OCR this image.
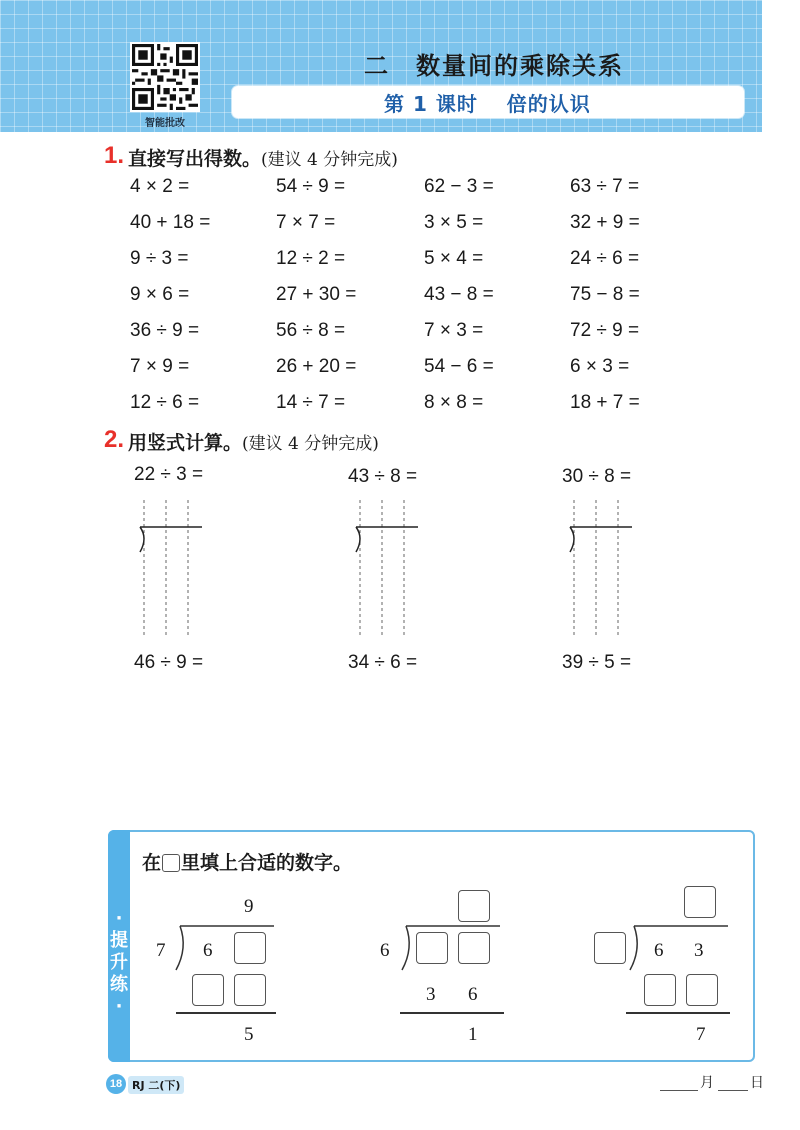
智能批改
二　数量间的乘除关系
第 1 课时　 倍的认识
1. 直接写出得数。(建议 4 分钟完成)
4 × 2 =	54 ÷ 9 =	62 − 3 =	63 ÷ 7 =
40 + 18 =	7 × 7 =	3 × 5 =	32 + 9 =
9 ÷ 3 =	12 ÷ 2 =	5 × 4 =	24 ÷ 6 =
9 × 6 =	27 + 30 =	43 − 8 =	75 − 8 =
36 ÷ 9 =	56 ÷ 8 =	7 × 3 =	72 ÷ 9 =
7 × 9 =	26 + 20 =	54 − 6 =	6 × 3 =
12 ÷ 6 =	14 ÷ 7 =	8 × 8 =	18 + 7 =
2. 用竖式计算。(建议 4 分钟完成)
22 ÷ 3 =	43 ÷ 8 =	30 ÷ 8 =
46 ÷ 9 =	34 ÷ 6 =	39 ÷ 5 =
·
提
升
练
·
在 里填上合适的数字。
9
7 6
5
6
3 6
1
6 3
7
18 RJ 二(下)	月	日
